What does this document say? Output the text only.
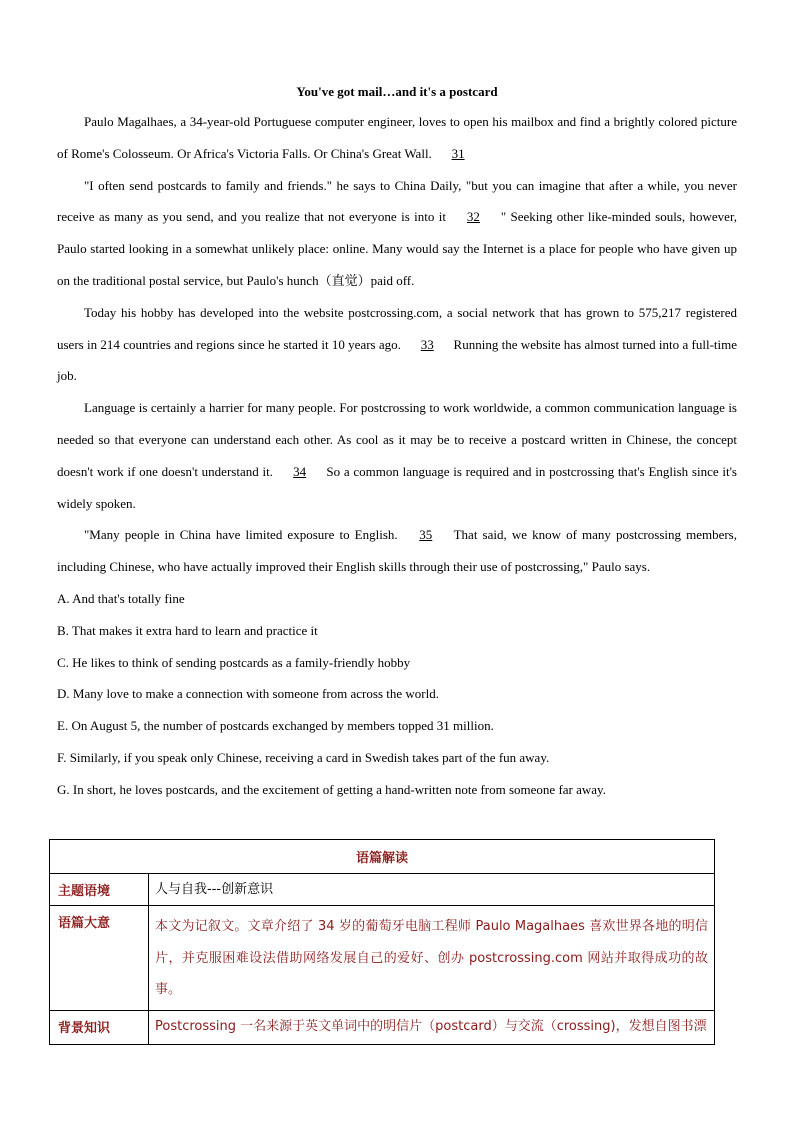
You've got mail…and it's a postcard

Paulo Magalhaes, a 34-year-old Portuguese computer engineer, loves to open his mailbox and find a brightly colored picture of Rome's Colosseum. Or Africa's Victoria Falls. Or China's Great Wall. 31

"I often send postcards to family and friends." he says to China Daily, "but you can imagine that after a while, you never receive as many as you send, and you realize that not everyone is into it 32 " Seeking other like-minded souls, however, Paulo started looking in a somewhat unlikely place: online. Many would say the Internet is a place for people who have given up on the traditional postal service, but Paulo's hunch（直觉）paid off.

Today his hobby has developed into the website postcrossing.com, a social network that has grown to 575,217 registered users in 214 countries and regions since he started it 10 years ago. 33 Running the website has almost turned into a full-time job.

Language is certainly a harrier for many people. For postcrossing to work worldwide, a common communication language is needed so that everyone can understand each other. As cool as it may be to receive a postcard written in Chinese, the concept doesn't work if one doesn't understand it. 34 So a common language is required and in postcrossing that's English since it's widely spoken.

"Many people in China have limited exposure to English. 35 That said, we know of many postcrossing members, including Chinese, who have actually improved their English skills through their use of postcrossing," Paulo says.

A. And that's totally fine
B. That makes it extra hard to learn and practice it
C. He likes to think of sending postcards as a family-friendly hobby
D. Many love to make a connection with someone from across the world.
E. On August 5, the number of postcards exchanged by members topped 31 million.
F. Similarly, if you speak only Chinese, receiving a card in Swedish takes part of the fun away.
G. In short, he loves postcards, and the excitement of getting a hand-written note from someone far away.
语篇解读	
主题语境	人与自我---创新意识
语篇大意	本文为记叙文。文章介绍了 34 岁的葡萄牙电脑工程师 Paulo Magalhaes 喜欢世界各地的明信片，并克服困难设法借助网络发展自己的爱好、创办 postcrossing.com 网站并取得成功的故事。
背景知识	Postcrossing 一名来源于英文单词中的明信片（postcard）与交流（crossing)，发想自图书漂
